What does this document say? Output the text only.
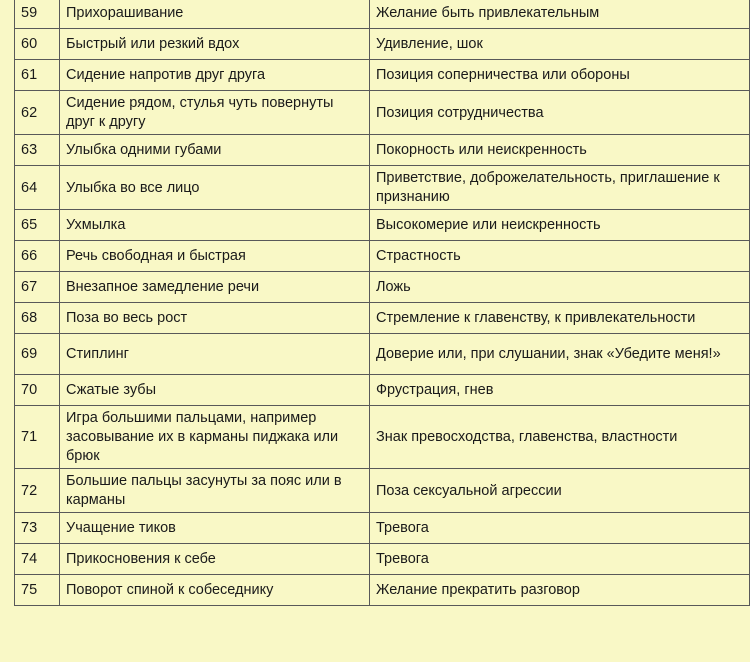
59	Прихорашивание	Желание быть привлекательным
60	Быстрый или резкий вдох	Удивление, шок
61	Сидение напротив друг друга	Позиция соперничества или обороны
62	Сидение рядом, стулья чуть повернуты друг к другу	Позиция сотрудничества
63	Улыбка одними губами	Покорность или неискренность
64	Улыбка во все лицо	Приветствие, доброжелательность, приглашение к признанию
65	Ухмылка	Высокомерие или неискренность
66	Речь свободная и быстрая	Страстность
67	Внезапное замедление речи	Ложь
68	Поза во весь рост	Стремление к главенству, к привлекательности
69	Стиплинг	Доверие или, при слушании, знак «Убедите меня!»
70	Сжатые зубы	Фрустрация, гнев
71	Игра большими пальцами, например засовывание их в карманы пиджака или брюк	Знак превосходства, главенства, властности
72	Большие пальцы засунуты за пояс или в карманы	Поза сексуальной агрессии
73	Учащение тиков	Тревога
74	Прикосновения к себе	Тревога
75	Поворот спиной к собеседнику	Желание прекратить разговор
